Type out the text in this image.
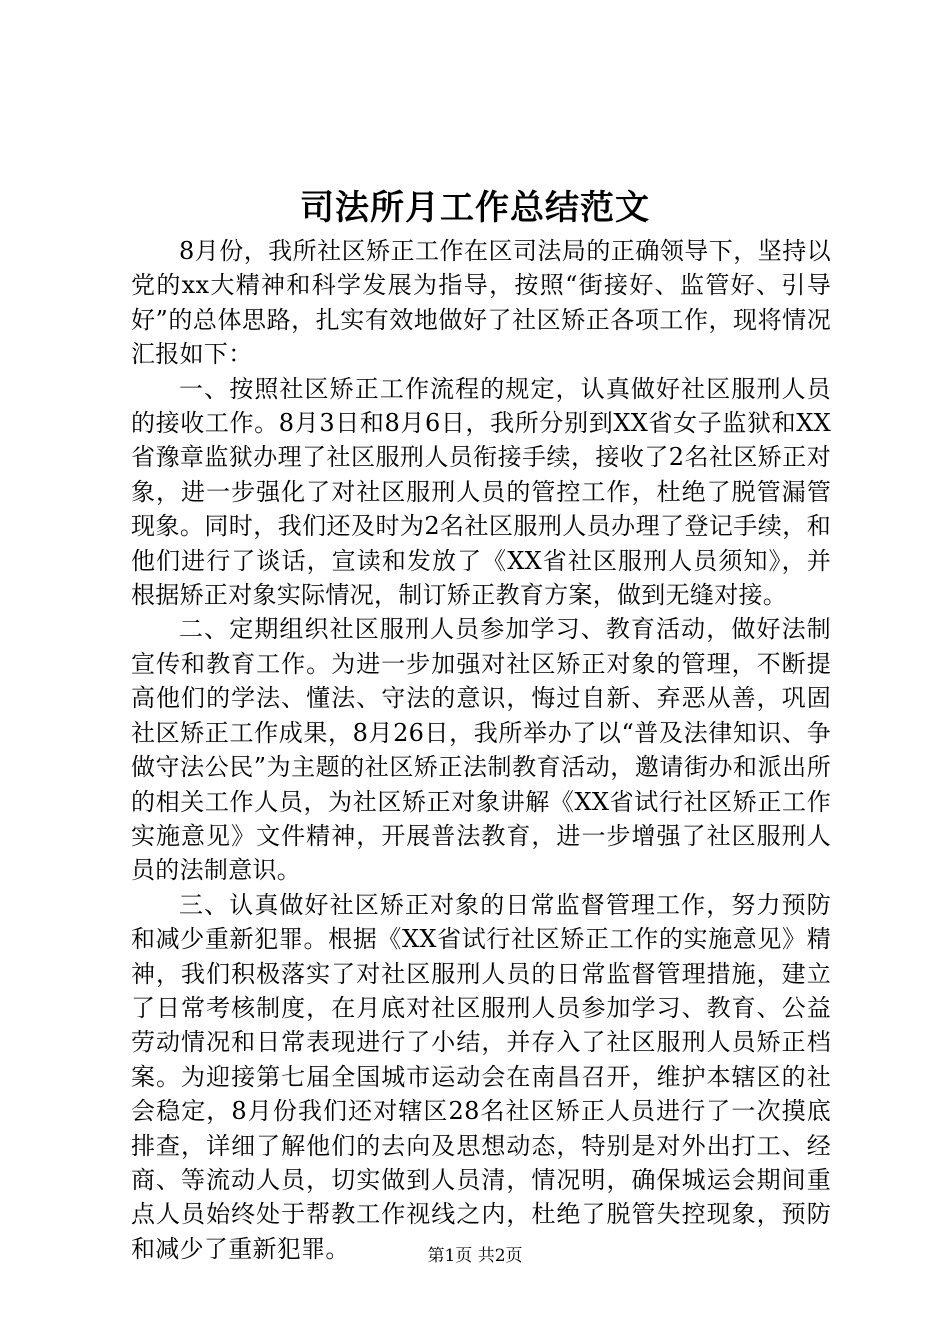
司法所月工作总结范文

8月份，我所社区矫正工作在区司法局的正确领导下，坚持以党的xx大精神和科学发展为指导，按照“街接好、监管好、引导好”的总体思路，扎实有效地做好了社区矫正各项工作，现将情况汇报如下：

一、按照社区矫正工作流程的规定，认真做好社区服刑人员的接收工作。8月3日和8月6日，我所分别到XX省女子监狱和XX省豫章监狱办理了社区服刑人员衔接手续，接收了2名社区矫正对象，进一步强化了对社区服刑人员的管控工作，杜绝了脱管漏管现象。同时，我们还及时为2名社区服刑人员办理了登记手续，和他们进行了谈话，宣读和发放了《XX省社区服刑人员须知》，并根据矫正对象实际情况，制订矫正教育方案，做到无缝对接。

二、定期组织社区服刑人员参加学习、教育活动，做好法制宣传和教育工作。为进一步加强对社区矫正对象的管理，不断提高他们的学法、懂法、守法的意识，悔过自新、弃恶从善，巩固社区矫正工作成果，8月26日，我所举办了以“普及法律知识、争做守法公民”为主题的社区矫正法制教育活动，邀请街办和派出所的相关工作人员，为社区矫正对象讲解《XX省试行社区矫正工作实施意见》文件精神，开展普法教育，进一步增强了社区服刑人员的法制意识。

三、认真做好社区矫正对象的日常监督管理工作，努力预防和减少重新犯罪。根据《XX省试行社区矫正工作的实施意见》精神，我们积极落实了对社区服刑人员的日常监督管理措施，建立了日常考核制度，在月底对社区服刑人员参加学习、教育、公益劳动情况和日常表现进行了小结，并存入了社区服刑人员矫正档案。为迎接第七届全国城市运动会在南昌召开，维护本辖区的社会稳定，8月份我们还对辖区28名社区矫正人员进行了一次摸底排查，详细了解他们的去向及思想动态，特别是对外出打工、经商、等流动人员，切实做到人员清，情况明，确保城运会期间重点人员始终处于帮教工作视线之内，杜绝了脱管失控现象，预防和减少了重新犯罪。	第1页 共2页
